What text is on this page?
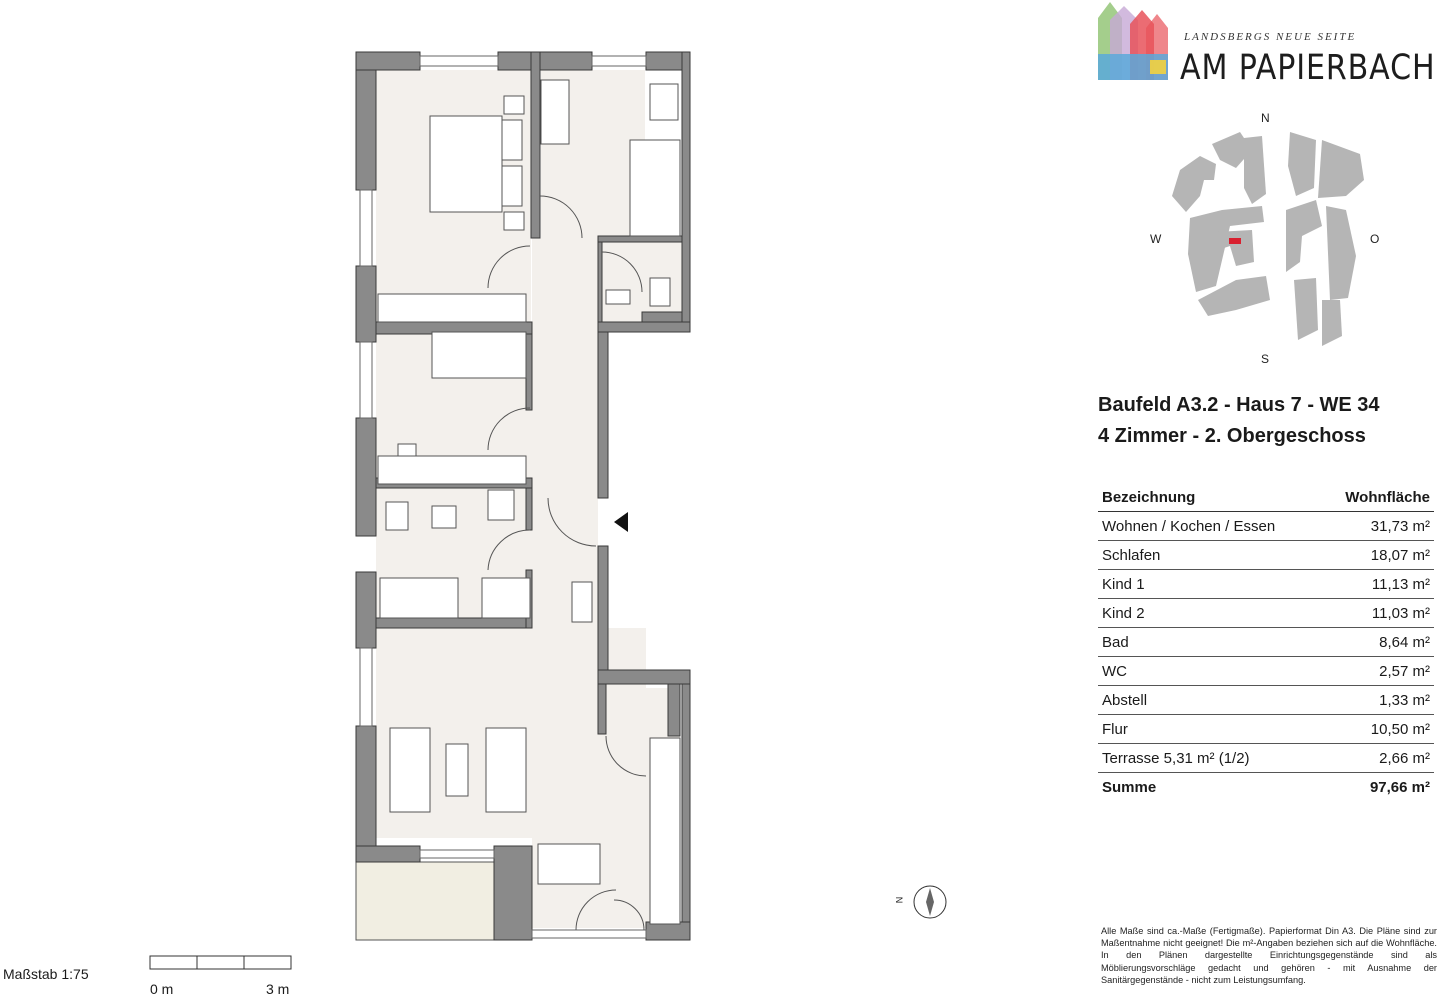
LANDSBERGS NEUE SEITE
AM PAPIERBACH
N
S
W	O
Baufeld A3.2 - Haus 7 - WE 34
4 Zimmer - 2. Obergeschoss
Bezeichnung	Wohnfläche
Wohnen / Kochen / Essen	31,73 m²
Schlafen	18,07 m²
Kind 1	11,13 m²
Kind 2	11,03 m²
Bad	8,64 m²
WC	2,57 m²
Abstell	1,33 m²
Flur	10,50 m²
Terrasse 5,31 m² (1/2)	2,66 m²
Summe	97,66 m²
Alle Maße sind ca.-Maße (Fertigmaße). Papierformat Din A3. Die Pläne sind zur Maßentnahme nicht geeignet! Die m²-Angaben beziehen sich auf die Wohnfläche. In den Plänen dargestellte Einrichtungsgegenstände sind als Möblierungsvorschläge gedacht und gehören - mit Ausnahme der Sanitärgegenstände - nicht zum Leistungsumfang.
Maßstab 1:75
0 m	3 m
N
